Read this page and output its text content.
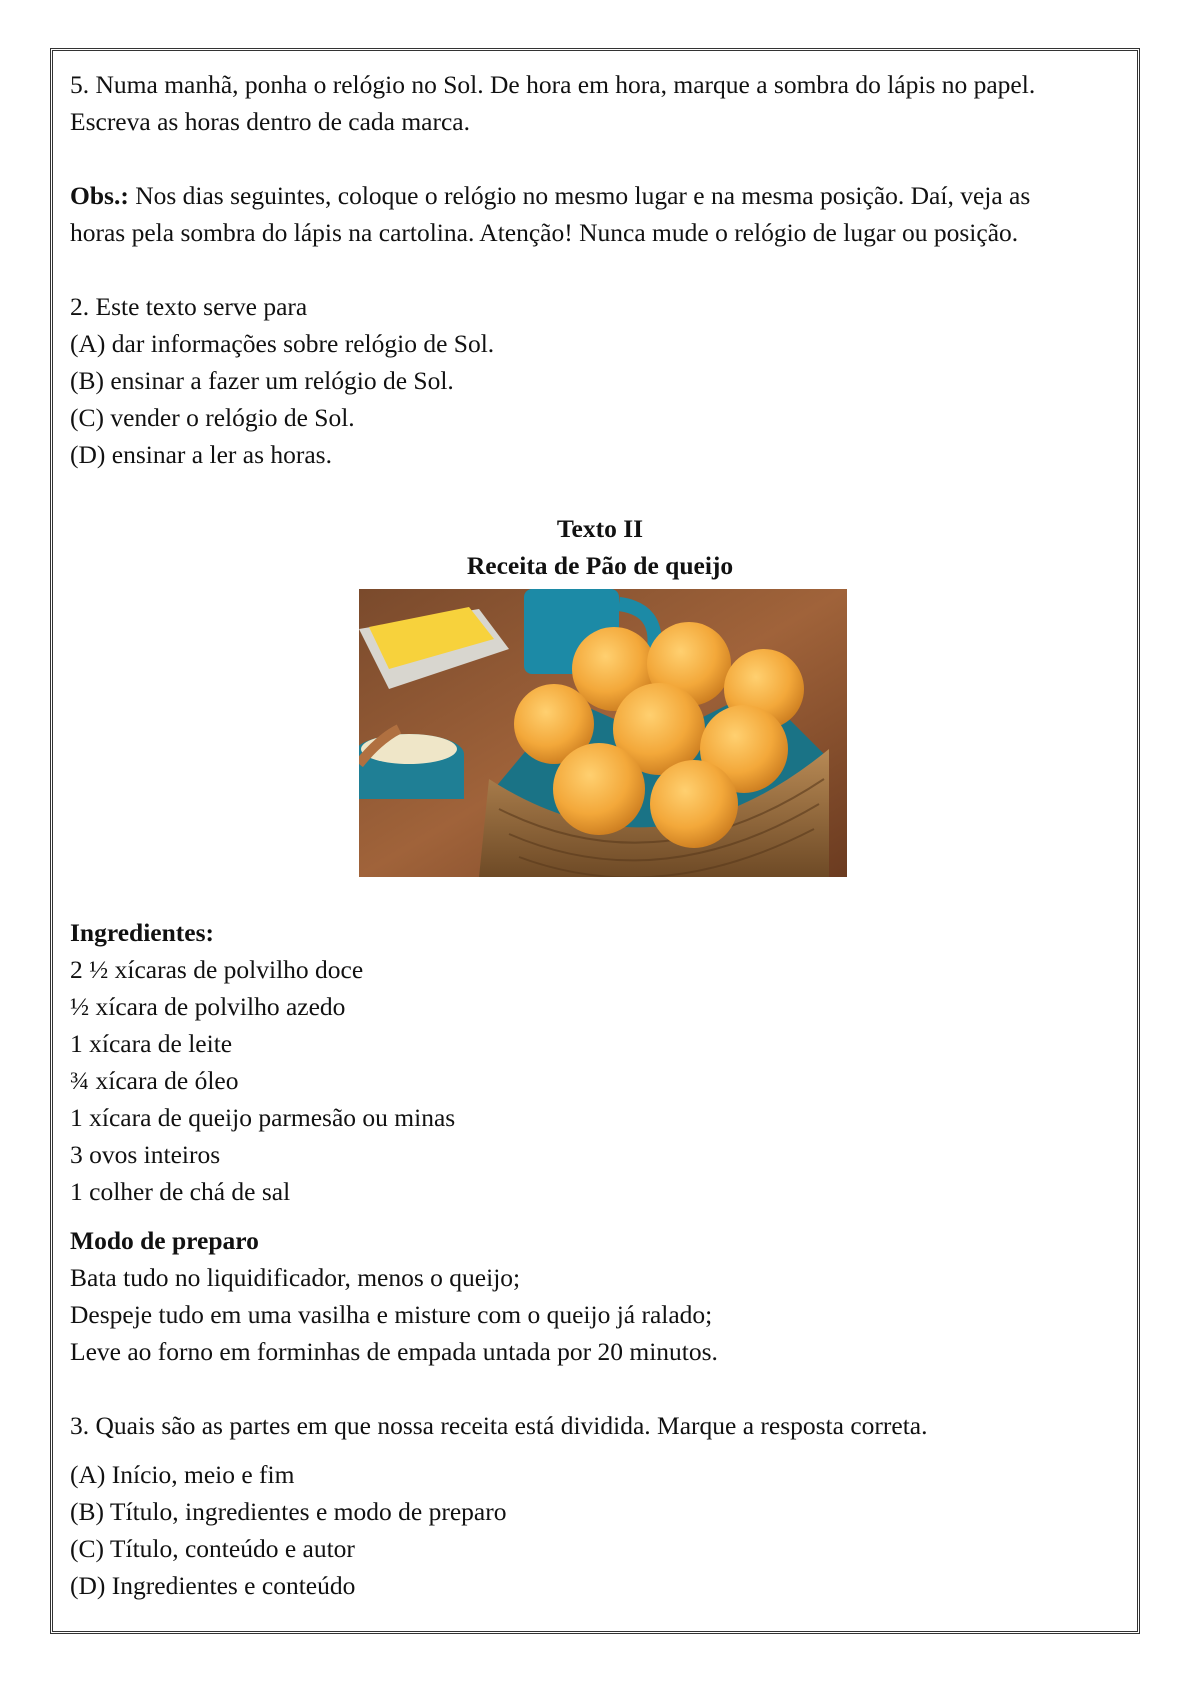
5. Numa manhã, ponha o relógio no Sol. De hora em hora, marque a sombra do lápis no papel.

Escreva as horas dentro de cada marca.

Obs.: Nos dias seguintes, coloque o relógio no mesmo lugar e na mesma posição. Daí, veja as

horas pela sombra do lápis na cartolina. Atenção! Nunca mude o relógio de lugar ou posição.

2. Este texto serve para

(A) dar informações sobre relógio de Sol.

(B) ensinar a fazer um relógio de Sol.

(C) vender o relógio de Sol.

(D) ensinar a ler as horas.

Texto II

Receita de Pão de queijo

Ingredientes:

2 ½ xícaras de polvilho doce

½ xícara de polvilho azedo

1 xícara de leite

¾ xícara de óleo

1 xícara de queijo parmesão ou minas

3 ovos inteiros

1 colher de chá de sal

Modo de preparo

Bata tudo no liquidificador, menos o queijo;

Despeje tudo em uma vasilha e misture com o queijo já ralado;

Leve ao forno em forminhas de empada untada por 20 minutos.

3. Quais são as partes em que nossa receita está dividida. Marque a resposta correta.

(A) Início, meio e fim

(B) Título, ingredientes e modo de preparo

(C) Título, conteúdo e autor

(D) Ingredientes e conteúdo
